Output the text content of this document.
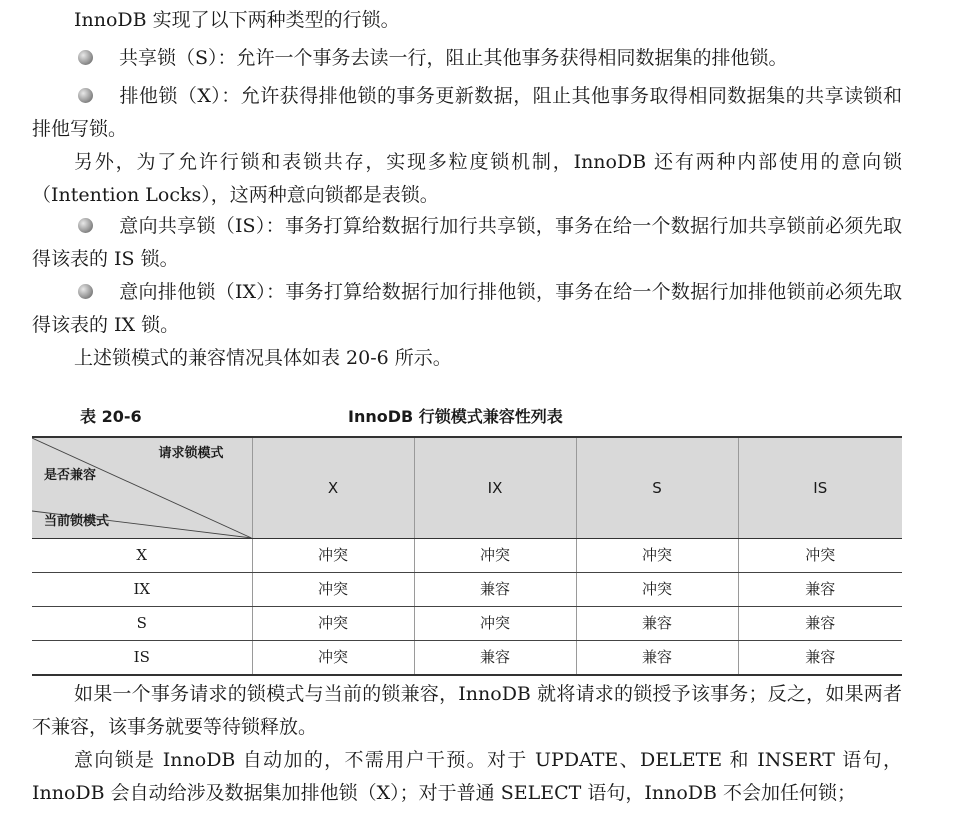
InnoDB 实现了以下两种类型的行锁。

共享锁（S）：允许一个事务去读一行，阻止其他事务获得相同数据集的排他锁。

排他锁（X）：允许获得排他锁的事务更新数据，阻止其他事务取得相同数据集的共享读锁和排他写锁。

另外，为了允许行锁和表锁共存，实现多粒度锁机制，InnoDB 还有两种内部使用的意向锁（Intention Locks），这两种意向锁都是表锁。

意向共享锁（IS）：事务打算给数据行加行共享锁，事务在给一个数据行加共享锁前必须先取得该表的 IS 锁。

意向排他锁（IX）：事务打算给数据行加行排他锁，事务在给一个数据行加排他锁前必须先取得该表的 IX 锁。

上述锁模式的兼容情况具体如表 20-6 所示。

表 20-6	InnoDB 行锁模式兼容性列表
请求锁模式
是否兼容
当前锁模式	X	IX	S	IS
X	冲突	冲突	冲突	冲突
IX	冲突	兼容	冲突	兼容
S	冲突	冲突	兼容	兼容
IS	冲突	兼容	兼容	兼容

如果一个事务请求的锁模式与当前的锁兼容，InnoDB 就将请求的锁授予该事务；反之，如果两者不兼容，该事务就要等待锁释放。

意向锁是 InnoDB 自动加的，不需用户干预。对于 UPDATE、DELETE 和 INSERT 语句，InnoDB 会自动给涉及数据集加排他锁（X）；对于普通 SELECT 语句，InnoDB 不会加任何锁；
